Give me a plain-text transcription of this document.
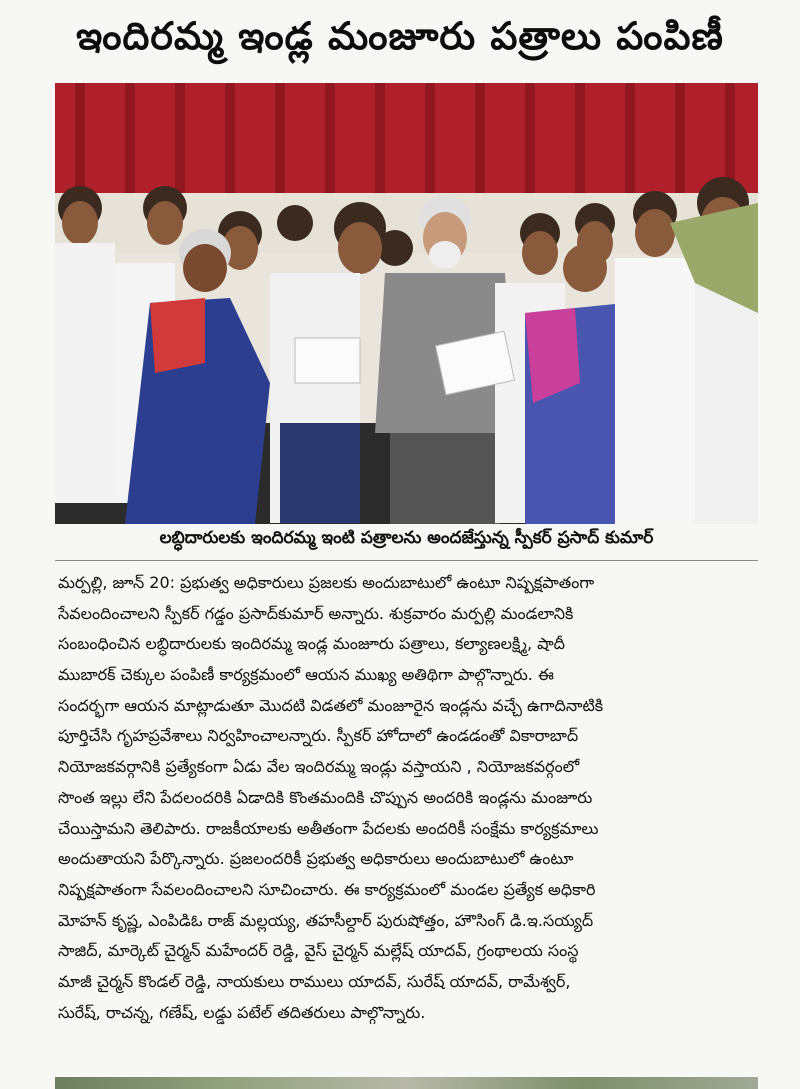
ఇందిరమ్మ ఇండ్ల మంజూరు పత్రాలు పంపిణీ
లబ్ధిదారులకు ఇందిరమ్మ ఇంటి పత్రాలను అందజేస్తున్న స్పీకర్ ప్రసాద్ కుమార్
మర్పల్లి, జూన్ 20: ప్రభుత్వ అధికారులు ప్రజలకు అందుబాటులో ఉంటూ నిష్పక్షపాతంగా
సేవలందించాలని స్పీకర్ గడ్డం ప్రసాద్‌కుమార్ అన్నారు. శుక్రవారం మర్పల్లి మండలానికి
సంబంధించిన లబ్ధిదారులకు ఇందిరమ్మ ఇండ్ల మంజూరు పత్రాలు, కల్యాణలక్ష్మి, షాదీ
ముబారక్ చెక్కుల పంపిణీ కార్యక్రమంలో ఆయన ముఖ్య అతిథిగా పాల్గొన్నారు. ఈ
సందర్భగా ఆయన మాట్లాడుతూ మొదటి విడతలో మంజూరైన ఇండ్లను వచ్చే ఉగాదినాటికి
పూర్తిచేసి గృహప్రవేశాలు నిర్వహించాలన్నారు. స్పీకర్ హోదాలో ఉండడంతో వికారాబాద్
నియోజకవర్గానికి ప్రత్యేకంగా ఏడు వేల ఇందిరమ్మ ఇండ్లు వస్తాయని , నియోజకవర్గంలో
సొంత ఇల్లు లేని పేదలందరికి ఏడాదికి కొంతమందికి చొప్పున అందరికి ఇండ్లను మంజూరు
చేయిస్తామని తెలిపారు. రాజకీయాలకు అతీతంగా పేదలకు అందరికీ సంక్షేమ కార్యక్రమాలు
అందుతాయని పేర్కొన్నారు. ప్రజలందరికీ ప్రభుత్వ అధికారులు అందుబాటులో ఉంటూ
నిష్పక్షపాతంగా సేవలందించాలని సూచించారు. ఈ కార్యక్రమంలో మండల ప్రత్యేక అధికారి
మోహన్ కృష్ణ, ఎంపిడిఓ రాజ్ మల్లయ్య, తహసీల్దార్ పురుషోత్తం, హౌసింగ్ డి.ఇ.సయ్యద్
సాజిద్, మార్కెట్ చైర్మన్ మహేందర్ రెడ్డి, వైస్ చైర్మన్ మల్లేష్ యాదవ్, గ్రంథాలయ సంస్థ
మాజీ చైర్మన్ కొండల్ రెడ్డి, నాయకులు రాములు యాదవ్, సురేష్ యాదవ్, రామేశ్వర్,
సురేష్, రాచన్న, గణేష్, లడ్డు పటేల్ తదితరులు పాల్గొన్నారు.
